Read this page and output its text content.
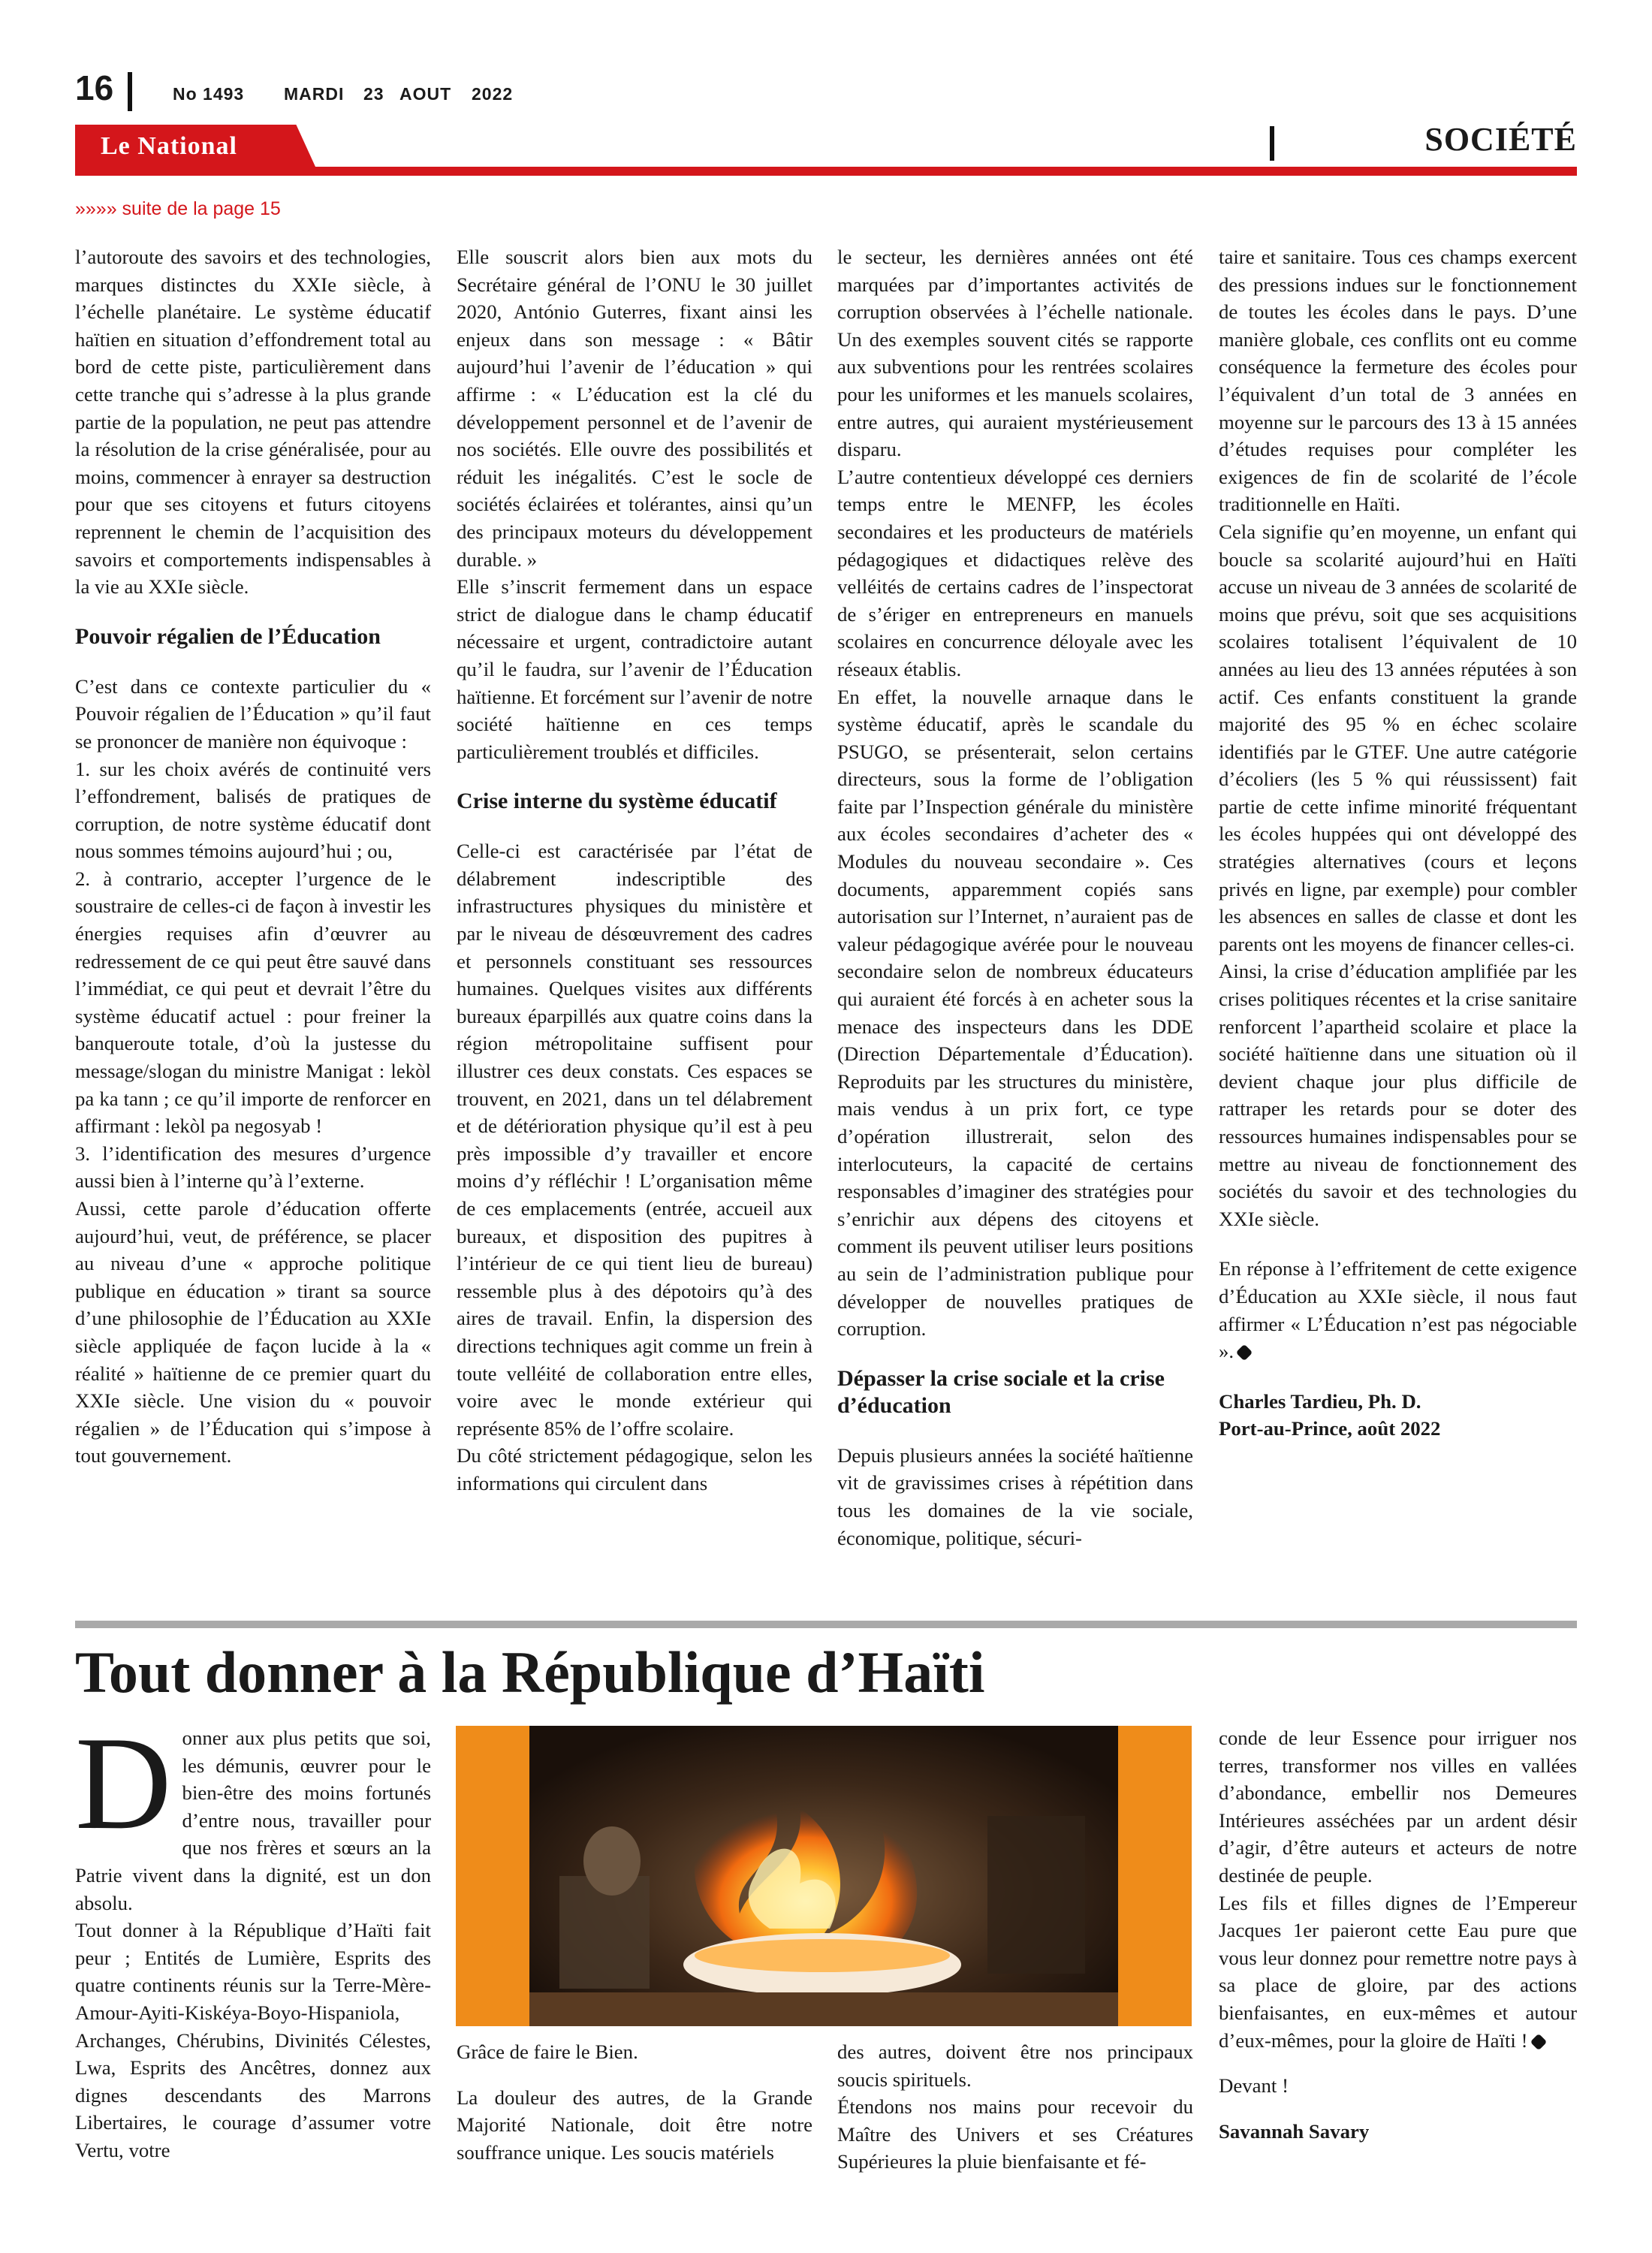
16	No 1493 MARDI 23 AOUT 2022
Le National	SOCIÉTÉ
»»»» suite de la page 15

l’autoroute des savoirs et des technologies, marques distinctes du XXIe siècle, à l’échelle planétaire. Le système éducatif haïtien en situation d’effondrement total au bord de cette piste, particulièrement dans cette tranche qui s’adresse à la plus grande partie de la population, ne peut pas attendre la résolution de la crise généralisée, pour au moins, commencer à enrayer sa destruction pour que ses citoyens et futurs citoyens reprennent le chemin de l’acquisition des savoirs et comportements indispensables à la vie au XXIe siècle.

Pouvoir régalien de l’Éducation

C’est dans ce contexte particulier du « Pouvoir régalien de l’Éducation » qu’il faut se prononcer de manière non équivoque :

1. sur les choix avérés de continuité vers l’effondrement, balisés de pratiques de corruption, de notre système éducatif dont nous sommes témoins aujourd’hui ; ou,

2. à contrario, accepter l’urgence de le soustraire de celles-ci de façon à investir les énergies requises afin d’œuvrer au redressement de ce qui peut être sauvé dans l’immédiat, ce qui peut et devrait l’être du système éducatif actuel : pour freiner la banqueroute totale, d’où la justesse du message/slogan du ministre Manigat : lekòl pa ka tann ; ce qu’il importe de renforcer en affirmant : lekòl pa negosyab !

3. l’identification des mesures d’urgence aussi bien à l’interne qu’à l’externe.

Aussi, cette parole d’éducation offerte aujourd’hui, veut, de préférence, se placer au niveau d’une « approche politique publique en éducation » tirant sa source d’une philosophie de l’Éducation au XXIe siècle appliquée de façon lucide à la « réalité » haïtienne de ce premier quart du XXIe siècle. Une vision du « pouvoir régalien » de l’Éducation qui s’impose à tout gouvernement.

Elle souscrit alors bien aux mots du Secrétaire général de l’ONU le 30 juillet 2020, António Guterres, fixant ainsi les enjeux dans son message : « Bâtir aujourd’hui l’avenir de l’éducation » qui affirme : « L’éducation est la clé du développement personnel et de l’avenir de nos sociétés. Elle ouvre des possibilités et réduit les inégalités. C’est le socle de sociétés éclairées et tolérantes, ainsi qu’un des principaux moteurs du développement durable. »

Elle s’inscrit fermement dans un espace strict de dialogue dans le champ éducatif nécessaire et urgent, contradictoire autant qu’il le faudra, sur l’avenir de l’Éducation haïtienne. Et forcément sur l’avenir de notre société haïtienne en ces temps particulièrement troublés et difficiles.

Crise interne du système éducatif

Celle-ci est caractérisée par l’état de délabrement indescriptible des infrastructures physiques du ministère et par le niveau de désœuvrement des cadres et personnels constituant ses ressources humaines. Quelques visites aux différents bureaux éparpillés aux quatre coins dans la région métropolitaine suffisent pour illustrer ces deux constats. Ces espaces se trouvent, en 2021, dans un tel délabrement et de détérioration physique qu’il est à peu près impossible d’y travailler et encore moins d’y réfléchir ! L’organisation même de ces emplacements (entrée, accueil aux bureaux, et disposition des pupitres à l’intérieur de ce qui tient lieu de bureau) ressemble plus à des dépotoirs qu’à des aires de travail. Enfin, la dispersion des directions techniques agit comme un frein à toute velléité de collaboration entre elles, voire avec le monde extérieur qui représente 85% de l’offre scolaire.

Du côté strictement pédagogique, selon les informations qui circulent dans

le secteur, les dernières années ont été marquées par d’importantes activités de corruption observées à l’échelle nationale. Un des exemples souvent cités se rapporte aux subventions pour les rentrées scolaires pour les uniformes et les manuels scolaires, entre autres, qui auraient mystérieusement disparu.

L’autre contentieux développé ces derniers temps entre le MENFP, les écoles secondaires et les producteurs de matériels pédagogiques et didactiques relève des velléités de certains cadres de l’inspectorat de s’ériger en entrepreneurs en manuels scolaires en concurrence déloyale avec les réseaux établis.

En effet, la nouvelle arnaque dans le système éducatif, après le scandale du PSUGO, se présenterait, selon certains directeurs, sous la forme de l’obligation faite par l’Inspection générale du ministère aux écoles secondaires d’acheter des « Modules du nouveau secondaire ». Ces documents, apparemment copiés sans autorisation sur l’Internet, n’auraient pas de valeur pédagogique avérée pour le nouveau secondaire selon de nombreux éducateurs qui auraient été forcés à en acheter sous la menace des inspecteurs dans les DDE (Direction Départementale d’Éducation). Reproduits par les structures du ministère, mais vendus à un prix fort, ce type d’opération illustrerait, selon des interlocuteurs, la capacité de certains responsables d’imaginer des stratégies pour s’enrichir aux dépens des citoyens et comment ils peuvent utiliser leurs positions au sein de l’administration publique pour développer de nouvelles pratiques de corruption.

Dépasser la crise sociale et la crise d’éducation

Depuis plusieurs années la société haïtienne vit de gravissimes crises à répétition dans tous les domaines de la vie sociale, économique, politique, sécuri-

taire et sanitaire. Tous ces champs exercent des pressions indues sur le fonctionnement de toutes les écoles dans le pays. D’une manière globale, ces conflits ont eu comme conséquence la fermeture des écoles pour l’équivalent d’un total de 3 années en moyenne sur le parcours des 13 à 15 années d’études requises pour compléter les exigences de fin de scolarité de l’école traditionnelle en Haïti.

Cela signifie qu’en moyenne, un enfant qui boucle sa scolarité aujourd’hui en Haïti accuse un niveau de 3 années de scolarité de moins que prévu, soit que ses acquisitions scolaires totalisent l’équivalent de 10 années au lieu des 13 années réputées à son actif. Ces enfants constituent la grande majorité des 95 % en échec scolaire identifiés par le GTEF. Une autre catégorie d’écoliers (les 5 % qui réussissent) fait partie de cette infime minorité fréquentant les écoles huppées qui ont développé des stratégies alternatives (cours et leçons privés en ligne, par exemple) pour combler les absences en salles de classe et dont les parents ont les moyens de financer celles-ci.

Ainsi, la crise d’éducation amplifiée par les crises politiques récentes et la crise sanitaire renforcent l’apartheid scolaire et place la société haïtienne dans une situation où il devient chaque jour plus difficile de rattraper les retards pour se doter des ressources humaines indispensables pour se mettre au niveau de fonctionnement des sociétés du savoir et des technologies du XXIe siècle.

En réponse à l’effritement de cette exigence d’Éducation au XXIe siècle, il nous faut affirmer « L’Éducation n’est pas négociable ».

Charles Tardieu, Ph. D.

Port-au-Prince, août 2022

Tout donner à la République d’Haïti

Donner aux plus petits que soi, les démunis, œuvrer pour le bien-être des moins fortunés d’entre nous, travailler pour que nos frères et sœurs an la Patrie vivent dans la dignité, est un don absolu.

Tout donner à la République d’Haïti fait peur ; Entités de Lumière, Esprits des quatre continents réunis sur la Terre-Mère-Amour-Ayiti-Kiskéya-Boyo-Hispaniola, Archanges, Chérubins, Divinités Célestes, Lwa, Esprits des Ancêtres, donnez aux dignes descendants des Marrons Libertaires, le courage d’assumer votre Vertu, votre

Grâce de faire le Bien.

La douleur des autres, de la Grande Majorité Nationale, doit être notre souffrance unique. Les soucis matériels

des autres, doivent être nos principaux soucis spirituels.

Étendons nos mains pour recevoir du Maître des Univers et ses Créatures Supérieures la pluie bienfaisante et fé-

conde de leur Essence pour irriguer nos terres, transformer nos villes en vallées d’abondance, embellir nos Demeures Intérieures asséchées par un ardent désir d’agir, d’être auteurs et acteurs de notre destinée de peuple.

Les fils et filles dignes de l’Empereur Jacques 1er paieront cette Eau pure que vous leur donnez pour remettre notre pays à sa place de gloire, par des actions bienfaisantes, en eux-mêmes et autour d’eux-mêmes, pour la gloire de Haïti !

Devant !

Savannah Savary
